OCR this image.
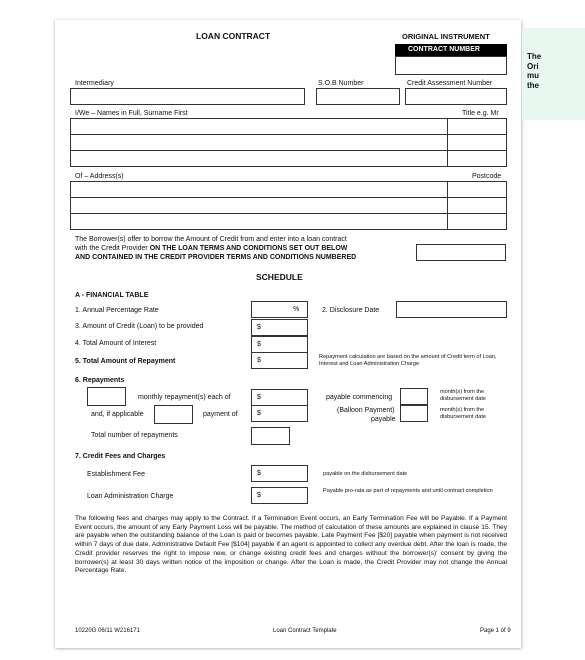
LOAN CONTRACT	ORIGINAL INSTRUMENT
CONTRACT NUMBER
Intermediary	S.O.B Number	Credit Assessment Number
I/We – Names in Full, Surname First	Title e.g. Mr
Of – Address(s)	Postcode
The Borrower(s) offer to borrow the Amount of Credit from and enter into a loan contract
with the Credit Provider ON THE LOAN TERMS AND CONDITIONS SET OUT BELOW
AND CONTAINED IN THE CREDIT PROVIDER TERMS AND CONDITIONS NUMBERED
SCHEDULE
A - FINANCIAL TABLE
1. Annual Percentage Rate	%	2. Disclosure Date
3. Amount of Credit (Loan) to be provided	$
4. Total Amount of Interest	$
5. Total Amount of Repayment	$	Repayment calculation are based on the amount of Credit term of Loan, Interest and Loan Administration Charge
6. Repayments
monthly repayment(s) each of	$	payable commencing
month(s) from the disbursement date
and, if applicable	payment of	$	(Balloon Payment)
payable
month(s) from the disbursement date
Total number of repayments
7. Credit Fees and Charges
Establishment Fee	$	payable on the disbursement date
Loan Administration Charge	$
Payable pro-rata as part of repayments and until contract completion
The following fees and charges may apply to the Contract. If a Termination Event occurs, an Early Termination Fee will be Payable. If a Payment Event occurs, the amount of any Early Payment Loss will be payable. The method of calculation of these amounts are explained in clause 15. They are payable when the outstanding balance of the Loan is paid or becomes payable. Late Payment Fee [$20] payable when payment is not received within 7 days of due date. Administrative Default Fee [$104] payable if an agent is appointed to collect any overdue debt. After the loan is made, the Credit provider reserves the right to impose new, or change existing credit fees and charges without the borrower(s)' consent by giving the borrower(s) at least 30 days written notice of the imposition or change. After the Loan is made, the Credit Provider may not change the Annual Percentage Rate.
10220G 06/11 W216171	Loan Contract Template	Page 1 of 9
The
Ori
mu
the
